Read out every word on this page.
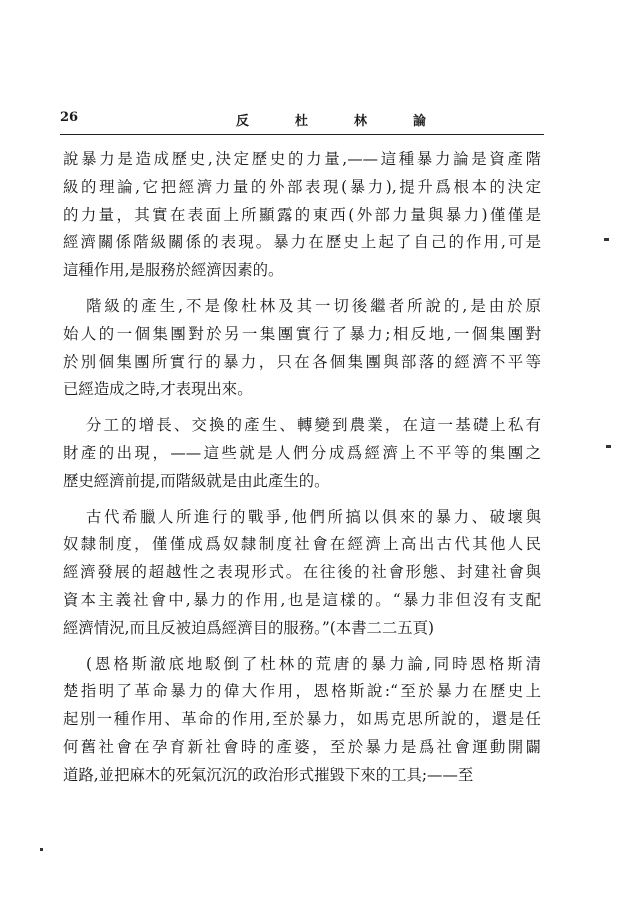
26	反	杜	林	論
說暴力是造成歷史,決定歷史的力量,——這種暴力論是資產階
級的理論,它把經濟力量的外部表現(暴力),提升爲根本的決定
的力量，其實在表面上所顯露的東西(外部力量與暴力)僅僅是
經濟關係階級關係的表現。暴力在歷史上起了自己的作用,可是
這種作用,是服務於經濟因素的。
階級的產生,不是像杜林及其一切後繼者所說的,是由於原
始人的一個集團對於另一集團實行了暴力;相反地,一個集團對
於別個集團所實行的暴力，只在各個集團與部落的經濟不平等
已經造成之時,才表現出來。
分工的增長、交換的產生、轉變到農業，在這一基礎上私有
財產的出現，——這些就是人們分成爲經濟上不平等的集團之
歷史經濟前提,而階級就是由此產生的。
古代希臘人所進行的戰爭,他們所搞以俱來的暴力、破壞與
奴隸制度，僅僅成爲奴隸制度社會在經濟上高出古代其他人民
經濟發展的超越性之表現形式。在往後的社會形態、封建社會與
資本主義社會中,暴力的作用,也是這樣的。“暴力非但沒有支配
經濟情況,而且反被迫爲經濟目的服務。”(本書二二五頁)
(恩格斯澈底地駁倒了杜林的荒唐的暴力論,同時恩格斯清
楚指明了革命暴力的偉大作用，恩格斯說:“至於暴力在歷史上
起別一種作用、革命的作用,至於暴力，如馬克思所說的，還是任
何舊社會在孕育新社會時的產婆，至於暴力是爲社會運動開闢
道路,並把麻木的死氣沉沉的政治形式摧毀下來的工具;——至
